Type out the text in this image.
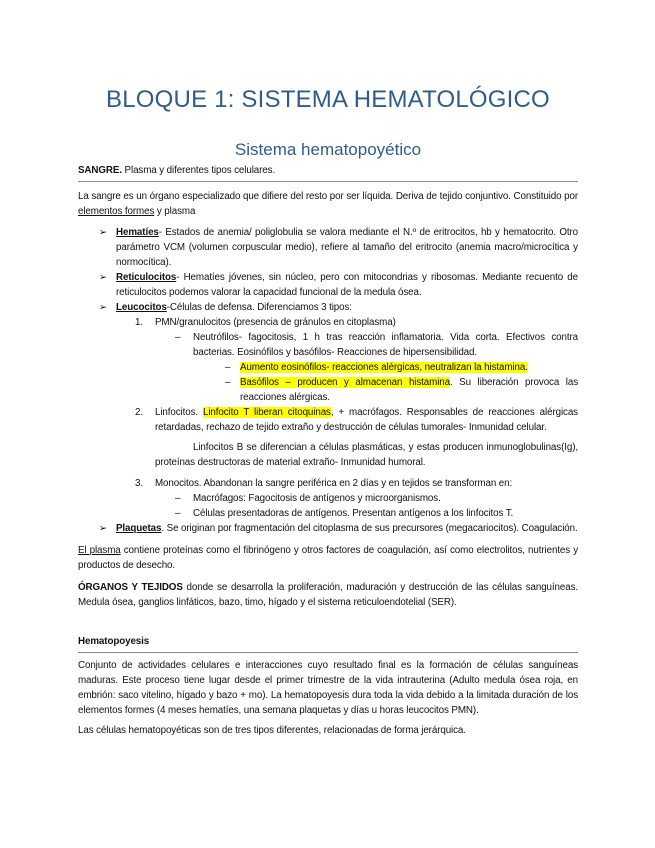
BLOQUE 1: SISTEMA HEMATOLÓGICO
Sistema hematopoyético
SANGRE. Plasma y diferentes tipos celulares.

La sangre es un órgano especializado que difiere del resto por ser líquida. Deriva de tejido conjuntivo. Constituido por elementos formes y plasma

➢
Hematíes- Estados de anemia/ poliglobulia se valora mediante el N.º de eritrocitos, hb y hematocrito. Otro parámetro VCM (volumen corpuscular medio), refiere al tamaño del eritrocito (anemia macro/microcítica y normocítica).
➢
Reticulocitos- Hematíes jóvenes, sin núcleo, pero con mitocondrias y ribosomas. Mediante recuento de reticulocitos podemos valorar la capacidad funcional de la medula ósea.
➢
Leucocitos-Células de defensa. Diferenciamos 3 tipos:
1. PMN/granulocitos (presencia de gránulos en citoplasma)
–
Neutrófilos- fagocitosis, 1 h tras reacción inflamatoria. Vida corta. Efectivos contra bacterias. Eosinófilos y basófilos- Reacciones de hipersensibilidad.
–
Aumento eosinófilos- reacciones alérgicas, neutralizan la histamina.
–
Basófilos – producen y almacenan histamina. Su liberación provoca las reacciones alérgicas.
2. Linfocitos. Linfocito T liberan citoquinas, + macrófagos. Responsables de reacciones alérgicas retardadas, rechazo de tejido extraño y destrucción de células tumorales- Inmunidad celular.
Linfocitos B se diferencian a células plasmáticas, y estas producen inmunoglobulinas(Ig), proteínas destructoras de material extraño- Inmunidad humoral.
3. Monocitos. Abandonan la sangre periférica en 2 días y en tejidos se transforman en:
–
Macrófagos: Fagocitosis de antígenos y microorganismos.
–
Células presentadoras de antígenos. Presentan antígenos a los linfocitos T.
➢
Plaquetas. Se originan por fragmentación del citoplasma de sus precursores (megacariocitos). Coagulación.

El plasma contiene proteínas como el fibrinógeno y otros factores de coagulación, así como electrolitos, nutrientes y productos de desecho.

ÓRGANOS Y TEJIDOS donde se desarrolla la proliferación, maduración y destrucción de las células sanguíneas. Medula ósea, ganglios linfáticos, bazo, timo, hígado y el sistema reticuloendotelial (SER).

Hematopoyesis

Conjunto de actividades celulares e interacciones cuyo resultado final es la formación de células sanguíneas maduras. Este proceso tiene lugar desde el primer trimestre de la vida intrauterina (Adulto medula ósea roja, en embrión: saco vitelino, hígado y bazo + mo). La hematopoyesis dura toda la vida debido a la limitada duración de los elementos formes (4 meses hematíes, una semana plaquetas y días u horas leucocitos PMN).

Las células hematopoyéticas son de tres tipos diferentes, relacionadas de forma jerárquica.
